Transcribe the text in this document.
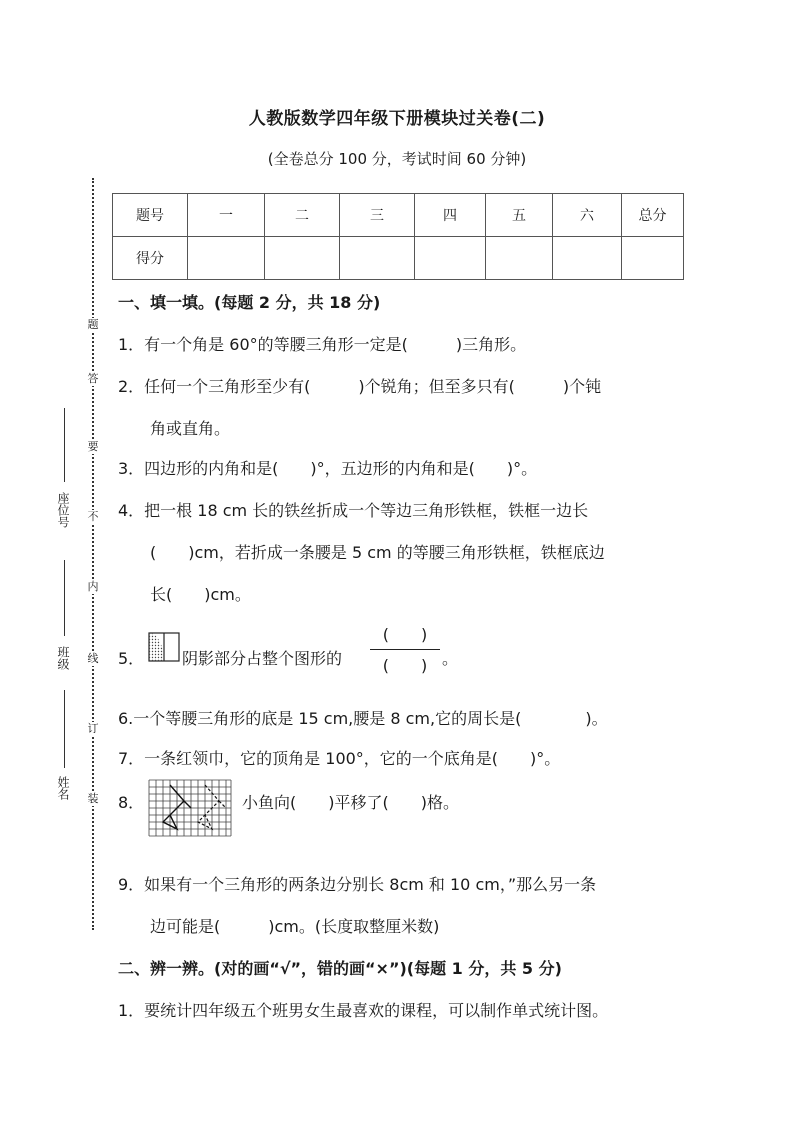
人教版数学四年级下册模块过关卷(二)
(全卷总分 100 分，考试时间 60 分钟)
题
答
要
不
内
线
订
装
座位号
班级
姓名
题号	一	二	三	四	五	六	总分
得分							
一、填一填。(每题 2 分，共 18 分)
1．有一个角是 60°的等腰三角形一定是(　　　)三角形。
2．任何一个三角形至少有(　　　)个锐角；但至多只有(　　　)个钝
角或直角。
3．四边形的内角和是(　　)°，五边形的内角和是(　　)°。
4．把一根 18 cm 长的铁丝折成一个等边三角形铁框，铁框一边长
(　　)cm，若折成一条腰是 5 cm 的等腰三角形铁框，铁框底边
长(　　)cm。
5． 阴影部分占整个图形的
(　　)
(　　) 。
6.一个等腰三角形的底是 15 cm,腰是 8 cm,它的周长是(　　　　)。
7．一条红领巾，它的顶角是 100°，它的一个底角是(　　)°。
8．	小鱼向(　　)平移了(　　)格。
9．如果有一个三角形的两条边分别长 8cm 和 10 cm，”那么另一条
边可能是(　　　)cm。(长度取整厘米数)
二、辨一辨。(对的画“√”，错的画“×”)(每题 1 分，共 5 分)
1．要统计四年级五个班男女生最喜欢的课程，可以制作单式统计图。
